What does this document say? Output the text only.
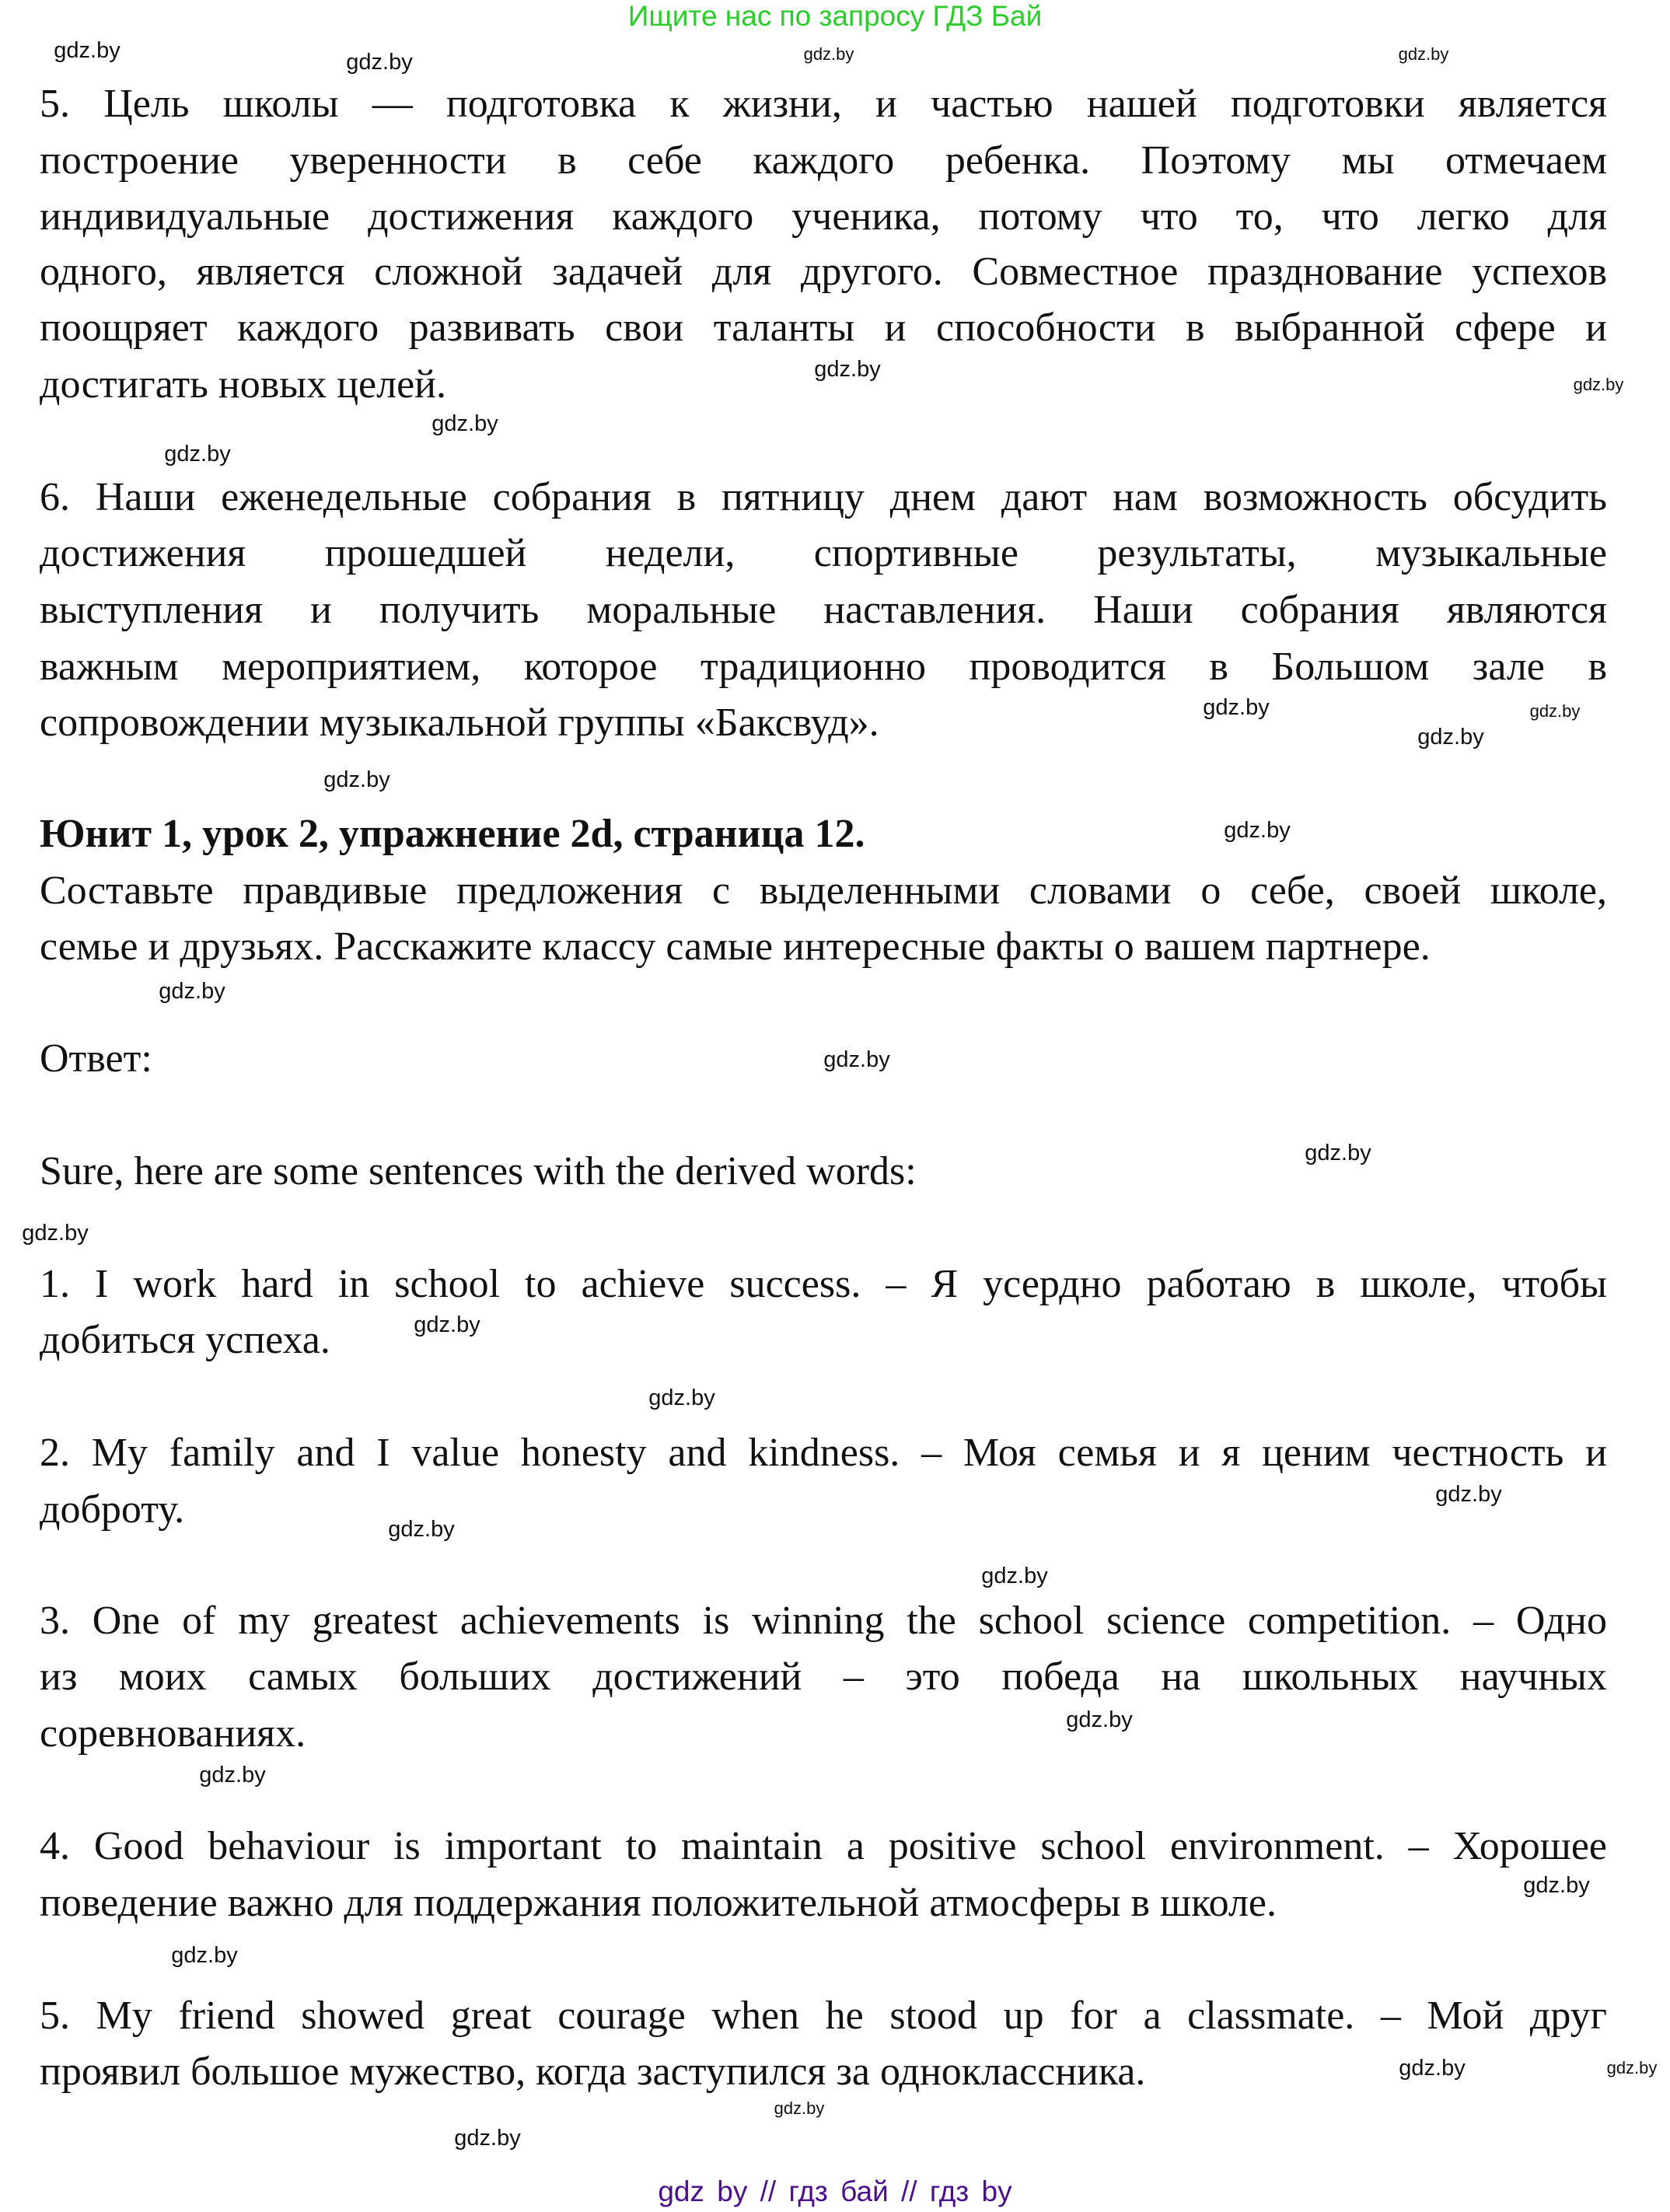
Ищите нас по запросу ГДЗ Бай
5. Цель школы — подготовка к жизни, и частью нашей подготовки является
построение уверенности в себе каждого ребенка. Поэтому мы отмечаем
индивидуальные достижения каждого ученика, потому что то, что легко для
одного, является сложной задачей для другого. Совместное празднование успехов
поощряет каждого развивать свои таланты и способности в выбранной сфере и
достигать новых целей.
6. Наши еженедельные собрания в пятницу днем дают нам возможность обсудить
достижения прошедшей недели, спортивные результаты, музыкальные
выступления и получить моральные наставления. Наши собрания являются
важным мероприятием, которое традиционно проводится в Большом зале в
сопровождении музыкальной группы «Баксвуд».
Юнит 1, урок 2, упражнение 2d, страница 12.
Составьте правдивые предложения с выделенными словами о себе, своей школе,
семье и друзьях. Расскажите классу самые интересные факты о вашем партнере.
Ответ:
Sure, here are some sentences with the derived words:
1. I work hard in school to achieve success. – Я усердно работаю в школе, чтобы
добиться успеха.
2. My family and I value honesty and kindness. – Моя семья и я ценим честность и
доброту.
3. One of my greatest achievements is winning the school science competition. – Одно
из моих самых больших достижений – это победа на школьных научных
соревнованиях.
4. Good behaviour is important to maintain a positive school environment. – Хорошее
поведение важно для поддержания положительной атмосферы в школе.
5. My friend showed great courage when he stood up for a classmate. – Мой друг
проявил большое мужество, когда заступился за одноклассника.
gdz.by	gdz.by	gdz.by	gdz.by
gdz.by
gdz.by
gdz.by
gdz.by
gdz.by
gdz.by
gdz.by
gdz.by
gdz.by
gdz.by
gdz.by
gdz.by
gdz.by
gdz.by
gdz.by
gdz.by
gdz.by
gdz.by
gdz.by
gdz.by
gdz.by
gdz.by
gdz.by
gdz.by
gdz.by
gdz.by
gdz by // гдз бай // гдз by
